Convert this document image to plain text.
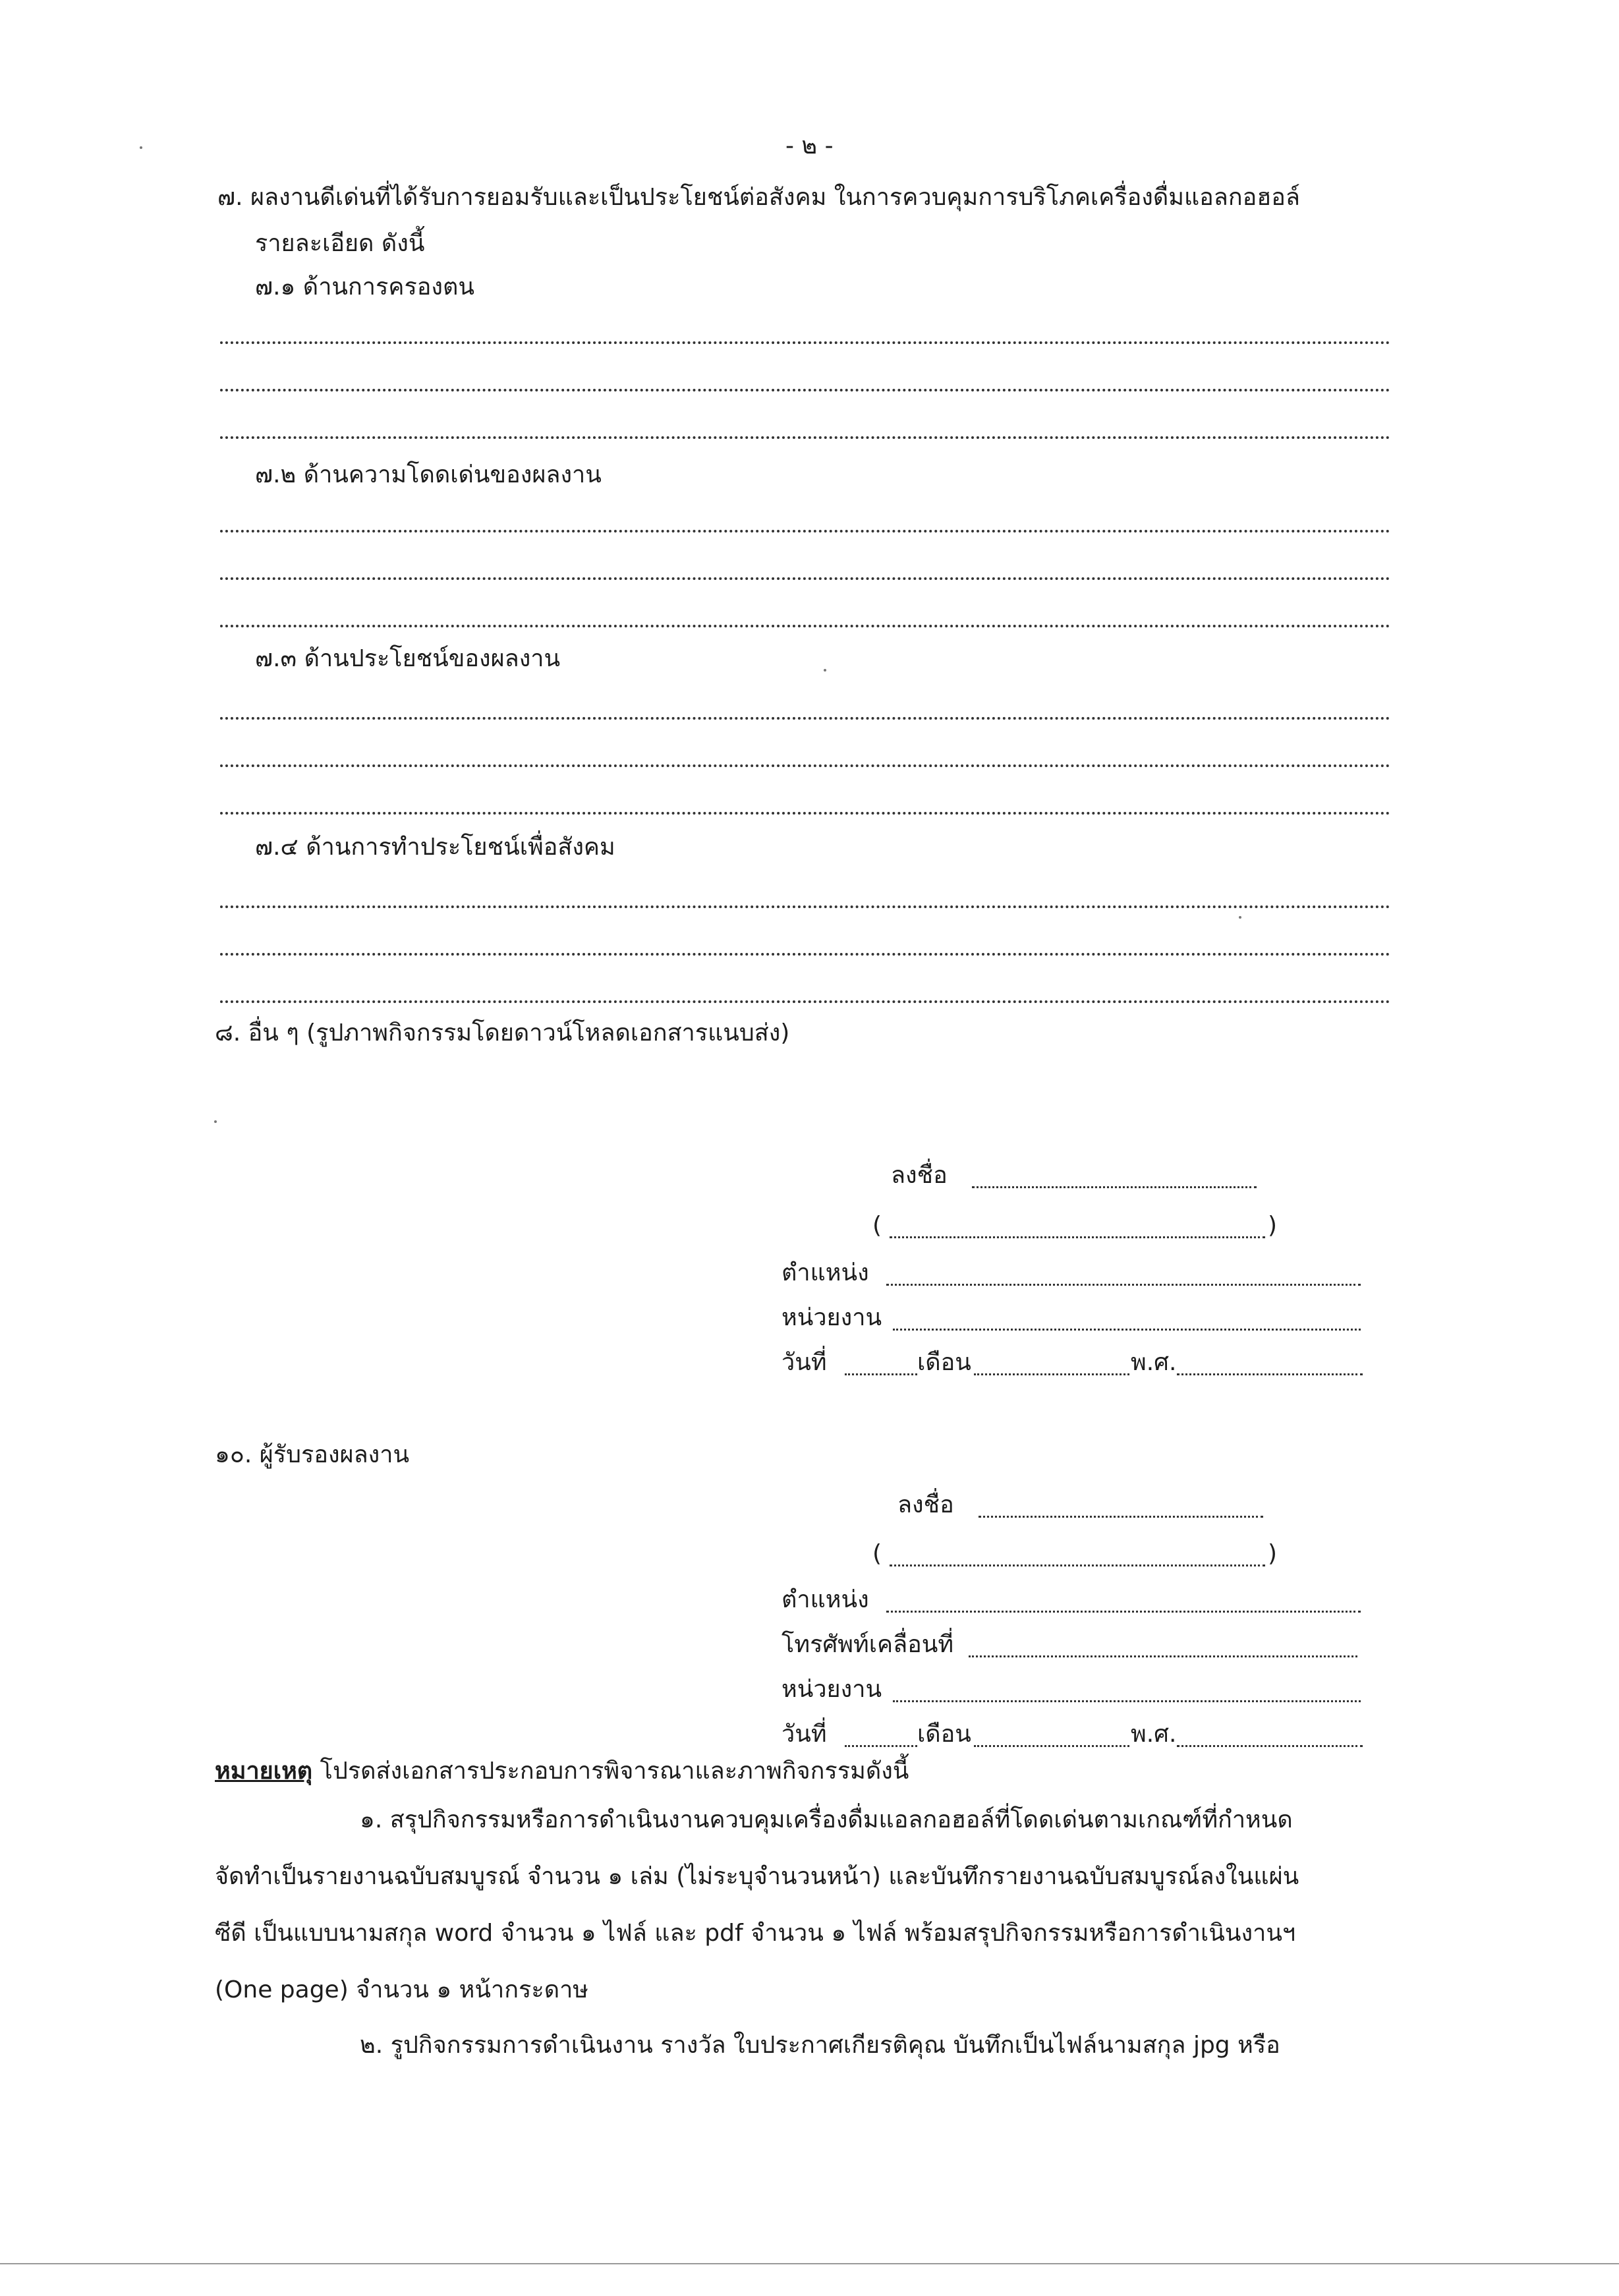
- ๒ -
๗. ผลงานดีเด่นที่ได้รับการยอมรับและเป็นประโยชน์ต่อสังคม ในการควบคุมการบริโภคเครื่องดื่มแอลกอฮอล์
รายละเอียด ดังนี้
๗.๑ ด้านการครองตน
๗.๒ ด้านความโดดเด่นของผลงาน
๗.๓ ด้านประโยชน์ของผลงาน
๗.๔ ด้านการทำประโยชน์เพื่อสังคม
๘. อื่น ๆ (รูปภาพกิจกรรมโดยดาวน์โหลดเอกสารแนบส่ง)
ลงชื่อ
(	)
ตำแหน่ง
หน่วยงาน
วันที่	เดือน	พ.ศ.
๑๐. ผู้รับรองผลงาน
ลงชื่อ
(	)
ตำแหน่ง
โทรศัพท์เคลื่อนที่
หน่วยงาน
วันที่	เดือน	พ.ศ.
หมายเหตุ โปรดส่งเอกสารประกอบการพิจารณาและภาพกิจกรรมดังนี้
๑. สรุปกิจกรรมหรือการดำเนินงานควบคุมเครื่องดื่มแอลกอฮอล์ที่โดดเด่นตามเกณฑ์ที่กำหนด
จัดทำเป็นรายงานฉบับสมบูรณ์ จำนวน ๑ เล่ม (ไม่ระบุจำนวนหน้า) และบันทึกรายงานฉบับสมบูรณ์ลงในแผ่น
ซีดี เป็นแบบนามสกุล word จำนวน ๑ ไฟล์ และ pdf จำนวน ๑ ไฟล์ พร้อมสรุปกิจกรรมหรือการดำเนินงานฯ
(One page) จำนวน ๑ หน้ากระดาษ
๒. รูปกิจกรรมการดำเนินงาน รางวัล ใบประกาศเกียรติคุณ บันทึกเป็นไฟล์นามสกุล jpg หรือ
